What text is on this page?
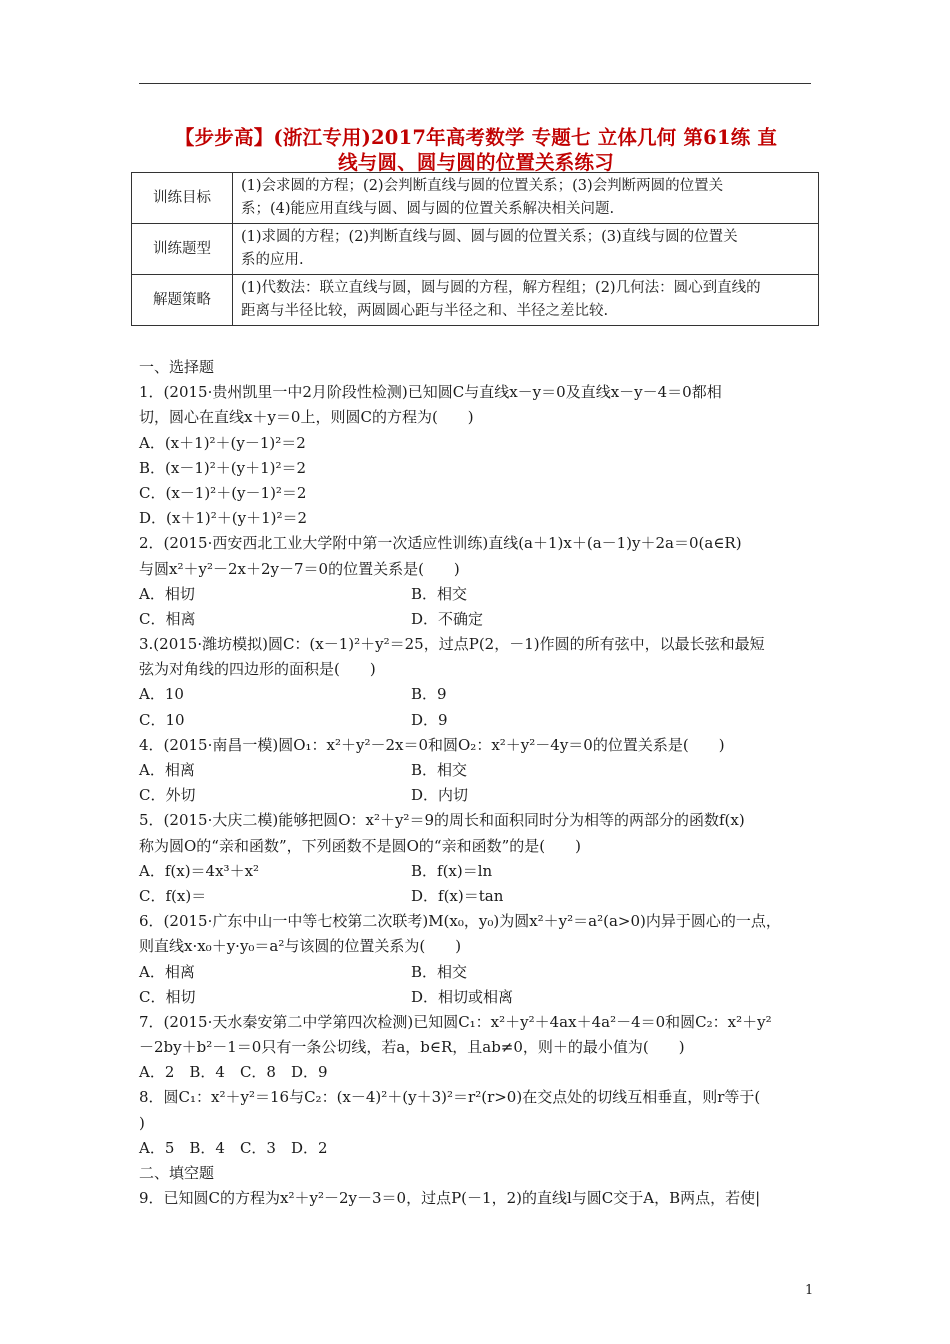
【步步高】(浙江专用)2017年高考数学 专题七 立体几何 第61练 直
线与圆、圆与圆的位置关系练习
训练目标	(1)会求圆的方程；(2)会判断直线与圆的位置关系；(3)会判断两圆的位置关
系；(4)能应用直线与圆、圆与圆的位置关系解决相关问题.

训练题型	(1)求圆的方程；(2)判断直线与圆、圆与圆的位置关系；(3)直线与圆的位置关
系的应用.

解题策略	(1)代数法：联立直线与圆，圆与圆的方程，解方程组；(2)几何法：圆心到直线的
距离与半径比较，两圆圆心距与半径之和、半径之差比较.
一、选择题
1．(2015·贵州凯里一中2月阶段性检测)已知圆C与直线x－y＝0及直线x－y－4＝0都相
切，圆心在直线x＋y＝0上，则圆C的方程为(　　)
A．(x＋1)²＋(y－1)²＝2
B．(x－1)²＋(y＋1)²＝2
C．(x－1)²＋(y－1)²＝2
D．(x＋1)²＋(y＋1)²＝2
2．(2015·西安西北工业大学附中第一次适应性训练)直线(a＋1)x＋(a－1)y＋2a＝0(a∈R)
与圆x²＋y²－2x＋2y－7＝0的位置关系是(　　)
A．相切	B．相交
C．相离	D．不确定
3.(2015·潍坊模拟)圆C：(x－1)²＋y²＝25，过点P(2，－1)作圆的所有弦中，以最长弦和最短
弦为对角线的四边形的面积是(　　)
A．10	B．9
C．10	D．9
4．(2015·南昌一模)圆O₁：x²＋y²－2x＝0和圆O₂：x²＋y²－4y＝0的位置关系是(　　)
A．相离	B．相交
C．外切	D．内切
5．(2015·大庆二模)能够把圆O：x²＋y²＝9的周长和面积同时分为相等的两部分的函数f(x)
称为圆O的“亲和函数”，下列函数不是圆O的“亲和函数”的是(　　)
A．f(x)＝4x³＋x²	B．f(x)＝ln
C．f(x)＝	D．f(x)＝tan
6．(2015·广东中山一中等七校第二次联考)M(x₀，y₀)为圆x²＋y²＝a²(a>0)内异于圆心的一点，
则直线x·x₀＋y·y₀＝a²与该圆的位置关系为(　　)
A．相离	B．相交
C．相切	D．相切或相离
7．(2015·天水秦安第二中学第四次检测)已知圆C₁：x²＋y²＋4ax＋4a²－4＝0和圆C₂：x²＋y²
－2by＋b²－1＝0只有一条公切线，若a，b∈R，且ab≠0，则＋的最小值为(　　)
A．2　B．4　C．8　D．9
8．圆C₁：x²＋y²＝16与C₂：(x－4)²＋(y＋3)²＝r²(r>0)在交点处的切线互相垂直，则r等于(
)
A．5　B．4　C．3　D．2
二、填空题
9．已知圆C的方程为x²＋y²－2y－3＝0，过点P(－1，2)的直线l与圆C交于A，B两点，若使|
1
